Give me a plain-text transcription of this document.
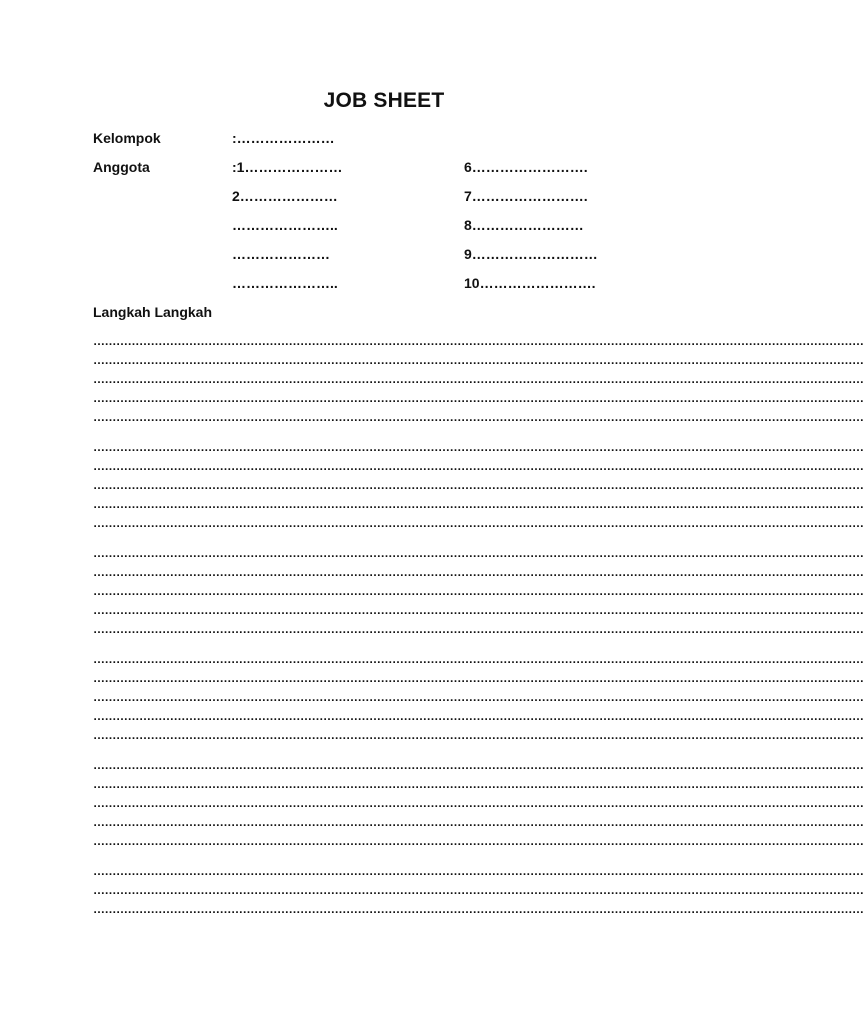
JOB SHEET
Kelompok	:…………………
Anggota	:1…………………
2…………………
…………………..
…………………
…………………..
6…………………….
7…………………….
8……………………
9………………………
10…………………….
Langkah Langkah
…………………………………………………………………………………………………………………………………………………………………………………
…………………………………………………………………………………………………………………………………………………………………………………
…………………………………………………………………………………………………………………………………………………………………………………
…………………………………………………………………………………………………………………………………………………………………………………
…………………………………………………………………………………………………………………………………………………………………………………
…………………………………………………………………………………………………………………………………………………………………………………
…………………………………………………………………………………………………………………………………………………………………………………
…………………………………………………………………………………………………………………………………………………………………………………
…………………………………………………………………………………………………………………………………………………………………………………
…………………………………………………………………………………………………………………………………………………………………………………
…………………………………………………………………………………………………………………………………………………………………………………
…………………………………………………………………………………………………………………………………………………………………………………
…………………………………………………………………………………………………………………………………………………………………………………
…………………………………………………………………………………………………………………………………………………………………………………
…………………………………………………………………………………………………………………………………………………………………………………
…………………………………………………………………………………………………………………………………………………………………………………
…………………………………………………………………………………………………………………………………………………………………………………
…………………………………………………………………………………………………………………………………………………………………………………
…………………………………………………………………………………………………………………………………………………………………………………
…………………………………………………………………………………………………………………………………………………………………………………
…………………………………………………………………………………………………………………………………………………………………………………
…………………………………………………………………………………………………………………………………………………………………………………
…………………………………………………………………………………………………………………………………………………………………………………
…………………………………………………………………………………………………………………………………………………………………………………
…………………………………………………………………………………………………………………………………………………………………………………
…………………………………………………………………………………………………………………………………………………………………………………
…………………………………………………………………………………………………………………………………………………………………………………
…………………………………………………………………………………………………………………………………………………………………………………
